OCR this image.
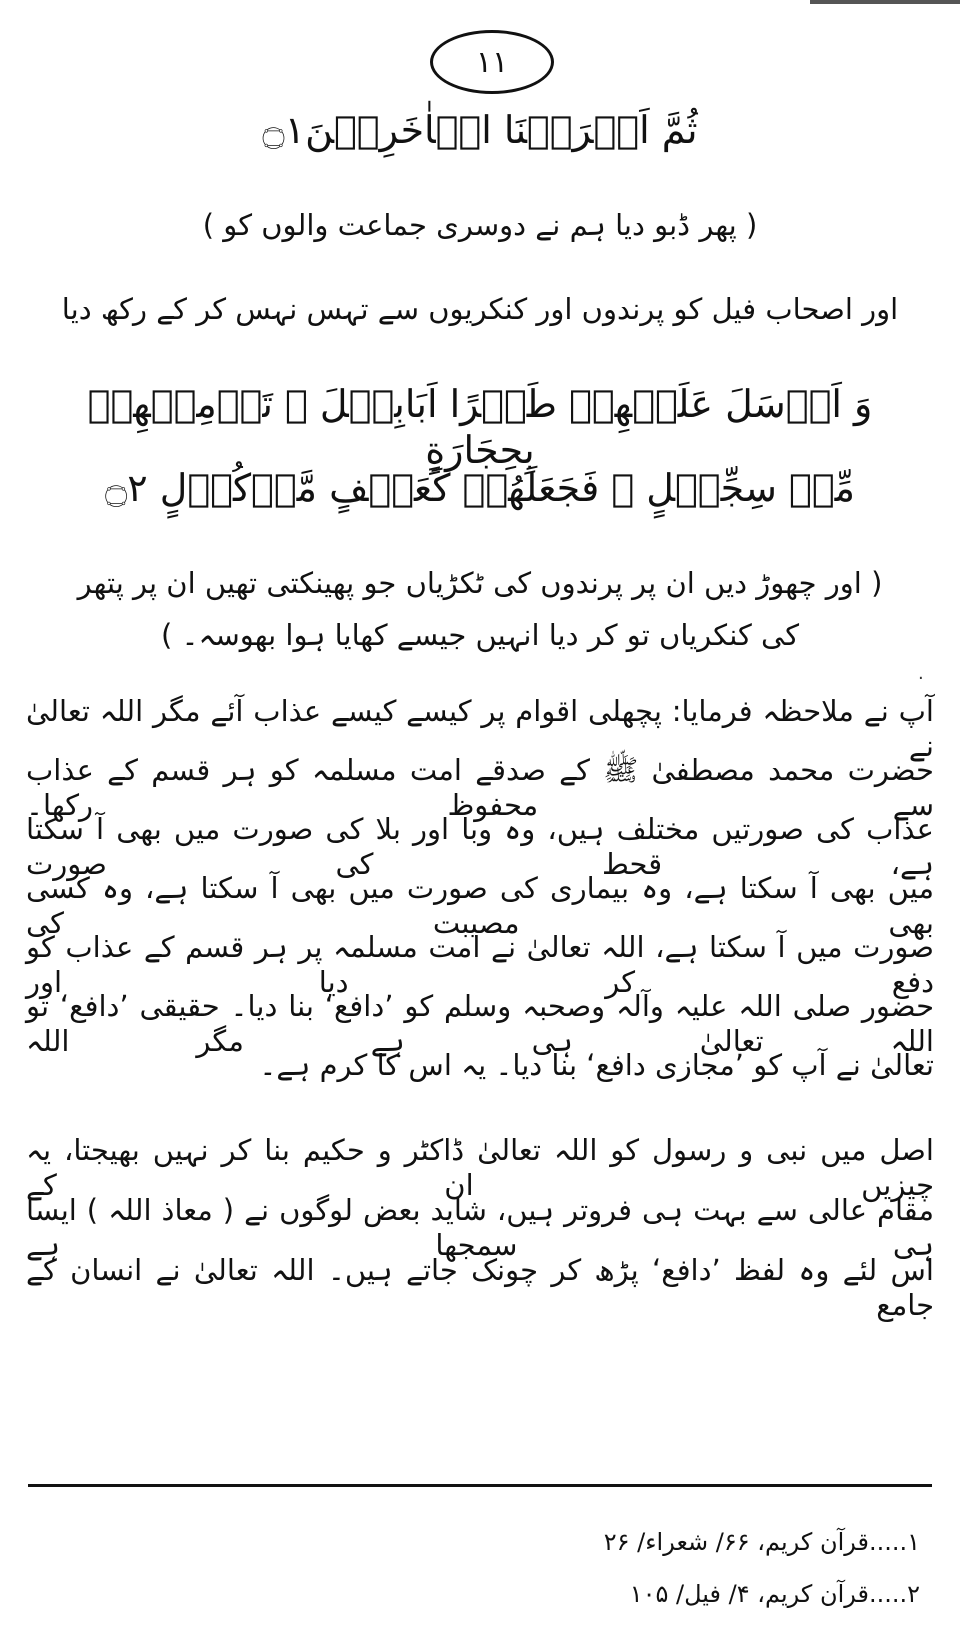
۱۱
ثُمَّ اَغۡرَقۡنَا الۡاٰخَرِیۡنَ۝۱
( پھر ڈبو دیا ہم نے دوسری جماعت والوں کو )
اور اصحاب فیل کو پرندوں اور کنکریوں سے تہس نہس کر کے رکھ دیا
وَ اَرۡسَلَ عَلَیۡهِمۡ طَیۡرًا اَبَابِیۡلَ ۙ تَرۡمِیۡهِمۡ بِحِجَارَةٍ
مِّنۡ سِجِّیۡلٍ ۙ فَجَعَلَهُمۡ کَعَصۡفٍ مَّاۡکُوۡلٍ ۝۲
( اور چھوڑ دیں ان پر پرندوں کی ٹکڑیاں جو پھینکتی تھیں ان پر پتھر
کی کنکریاں تو کر دیا انہیں جیسے کھایا ہوا بھوسہ۔ )
·
آپ نے ملاحظہ فرمایا: پچھلی اقوام پر کیسے کیسے عذاب آئے مگر اللہ تعالیٰ نے
حضرت محمد مصطفیٰ ﷺ کے صدقے امت مسلمہ کو ہر قسم کے عذاب سے محفوظ رکھا۔
عذاب کی صورتیں مختلف ہیں، وہ وبا اور بلا کی صورت میں بھی آ سکتا ہے، قحط کی صورت
میں بھی آ سکتا ہے، وہ بیماری کی صورت میں بھی آ سکتا ہے، وہ کسی بھی مصیبت کی
صورت میں آ سکتا ہے، اللہ تعالیٰ نے امت مسلمہ پر ہر قسم کے عذاب کو دفع کر دیا اور
حضور صلی اللہ علیہ وآلہ وصحبہ وسلم کو ’دافع‘ بنا دیا۔ حقیقی ’دافع‘ تو اللہ تعالیٰ ہی ہے مگر اللہ
تعالیٰ نے آپ کو ’مجازی دافع‘ بنا دیا۔ یہ اس کا کرم ہے۔
اصل میں نبی و رسول کو اللہ تعالیٰ ڈاکٹر و حکیم بنا کر نہیں بھیجتا، یہ چیزیں ان کے
مقام عالی سے بہت ہی فروتر ہیں، شاید بعض لوگوں نے ( معاذ اللہ ) ایسا ہی سمجھا ہے
اس لئے وہ لفظ ’دافع‘ پڑھ کر چونک جاتے ہیں۔ اللہ تعالیٰ نے انسان کے جامع
۱.....قرآن کریم، ۶۶/ شعراء/ ۲۶
۲.....قرآن کریم، ۴/ فیل/ ۱۰۵
